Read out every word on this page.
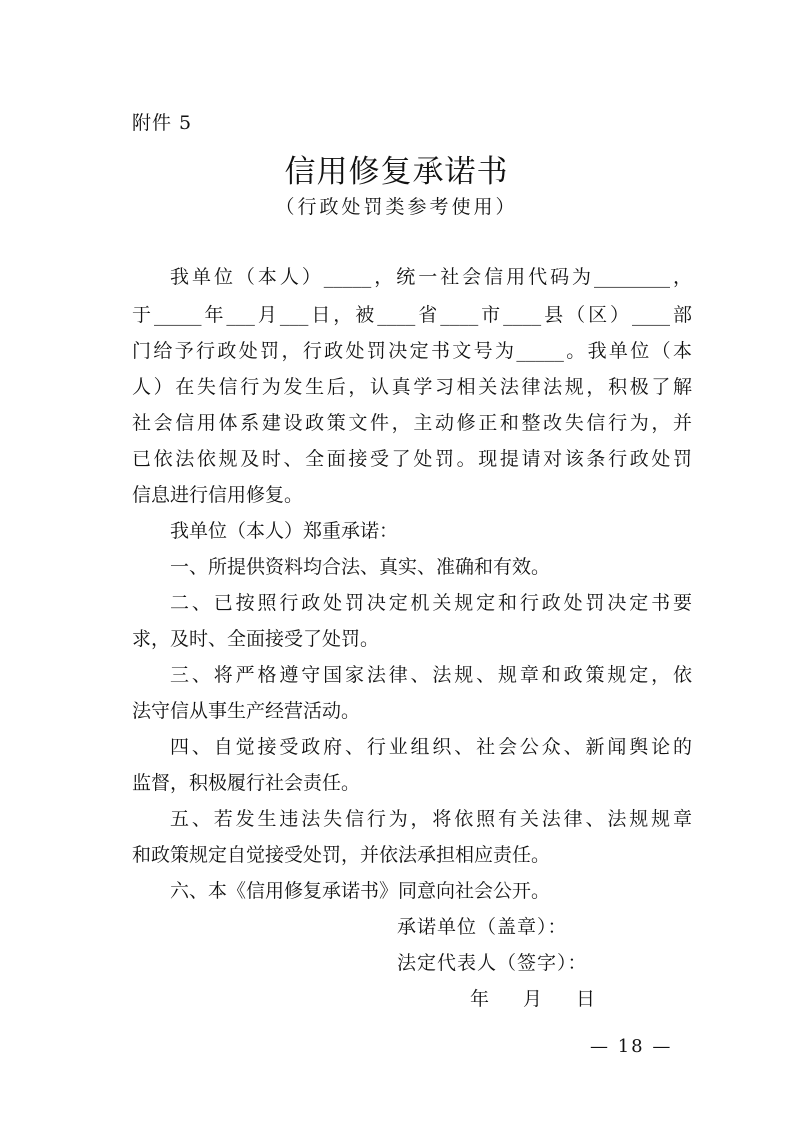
附件 5
信用修复承诺书
（行政处罚类参考使用）
我单位（本人）_____，统一社会信用代码为________，
于_____年___月___日，被____省____市____县（区）____部
门给予行政处罚，行政处罚决定书文号为_____。我单位（本
人）在失信行为发生后，认真学习相关法律法规，积极了解
社会信用体系建设政策文件，主动修正和整改失信行为，并
已依法依规及时、全面接受了处罚。现提请对该条行政处罚
信息进行信用修复。
我单位（本人）郑重承诺：
一、所提供资料均合法、真实、准确和有效。
二、已按照行政处罚决定机关规定和行政处罚决定书要
求，及时、全面接受了处罚。
三、将严格遵守国家法律、法规、规章和政策规定，依
法守信从事生产经营活动。
四、自觉接受政府、行业组织、社会公众、新闻舆论的
监督，积极履行社会责任。
五、若发生违法失信行为，将依照有关法律、法规规章
和政策规定自觉接受处罚，并依法承担相应责任。
六、本《信用修复承诺书》同意向社会公开。
承诺单位（盖章）：
法定代表人（签字）：
年 月 日
— 18 —
